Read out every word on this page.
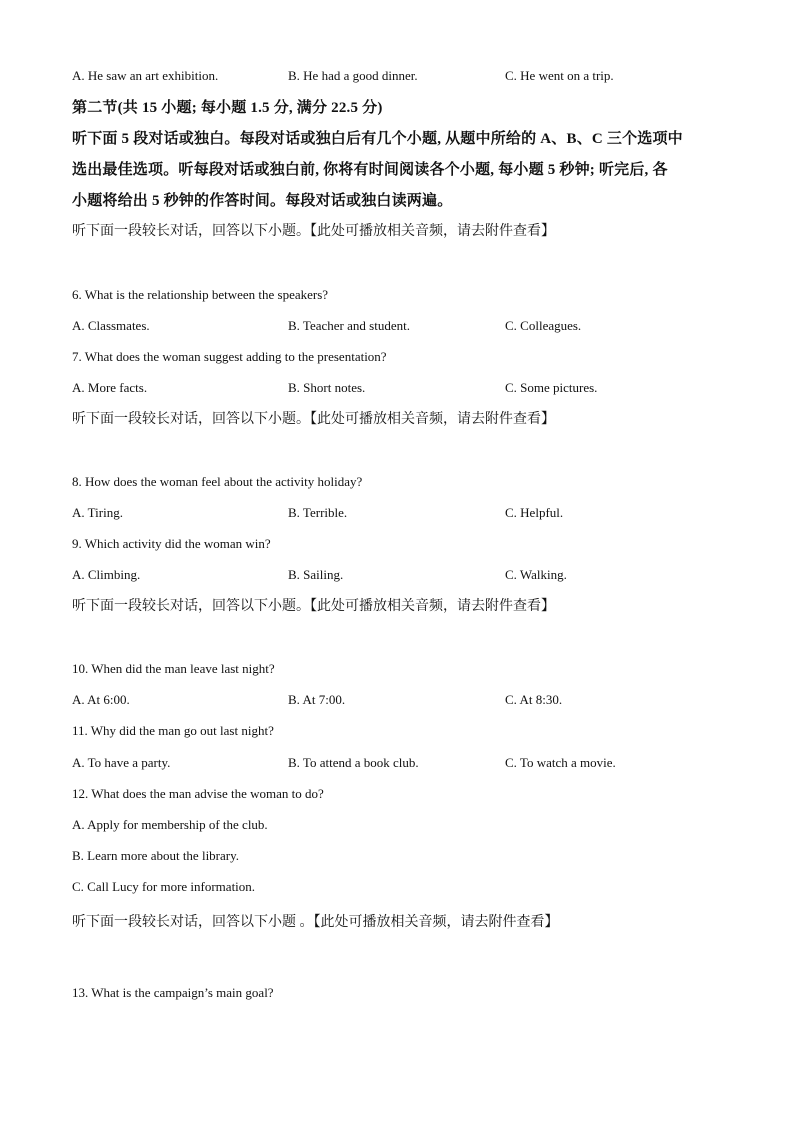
A. He saw an art exhibition.	B. He had a good dinner.	C. He went on a trip.
第二节(共 15 小题; 每小题 1.5 分, 满分 22.5 分)
听下面 5 段对话或独白。每段对话或独白后有几个小题, 从题中所给的 A、B、C 三个选项中
选出最佳选项。听每段对话或独白前, 你将有时间阅读各个小题, 每小题 5 秒钟; 听完后, 各
小题将给出 5 秒钟的作答时间。每段对话或独白读两遍。
听下面一段较长对话，回答以下小题。【此处可播放相关音频，请去附件查看】
6. What is the relationship between the speakers?
A. Classmates.	B. Teacher and student.	C. Colleagues.
7. What does the woman suggest adding to the presentation?
A. More facts.	B. Short notes.	C. Some pictures.
听下面一段较长对话，回答以下小题。【此处可播放相关音频，请去附件查看】
8. How does the woman feel about the activity holiday?
A. Tiring.	B. Terrible.	C. Helpful.
9. Which activity did the woman win?
A. Climbing.	B. Sailing.	C. Walking.
听下面一段较长对话，回答以下小题。【此处可播放相关音频，请去附件查看】
10. When did the man leave last night?
A. At 6:00.	B. At 7:00.	C. At 8:30.
11. Why did the man go out last night?
A. To have a party.	B. To attend a book club.	C. To watch a movie.
12. What does the man advise the woman to do?
A. Apply for membership of the club.
B. Learn more about the library.
C. Call Lucy for more information.
听下面一段较长对话，回答以下小题 。【此处可播放相关音频，请去附件查看】
13. What is the campaign’s main goal?
